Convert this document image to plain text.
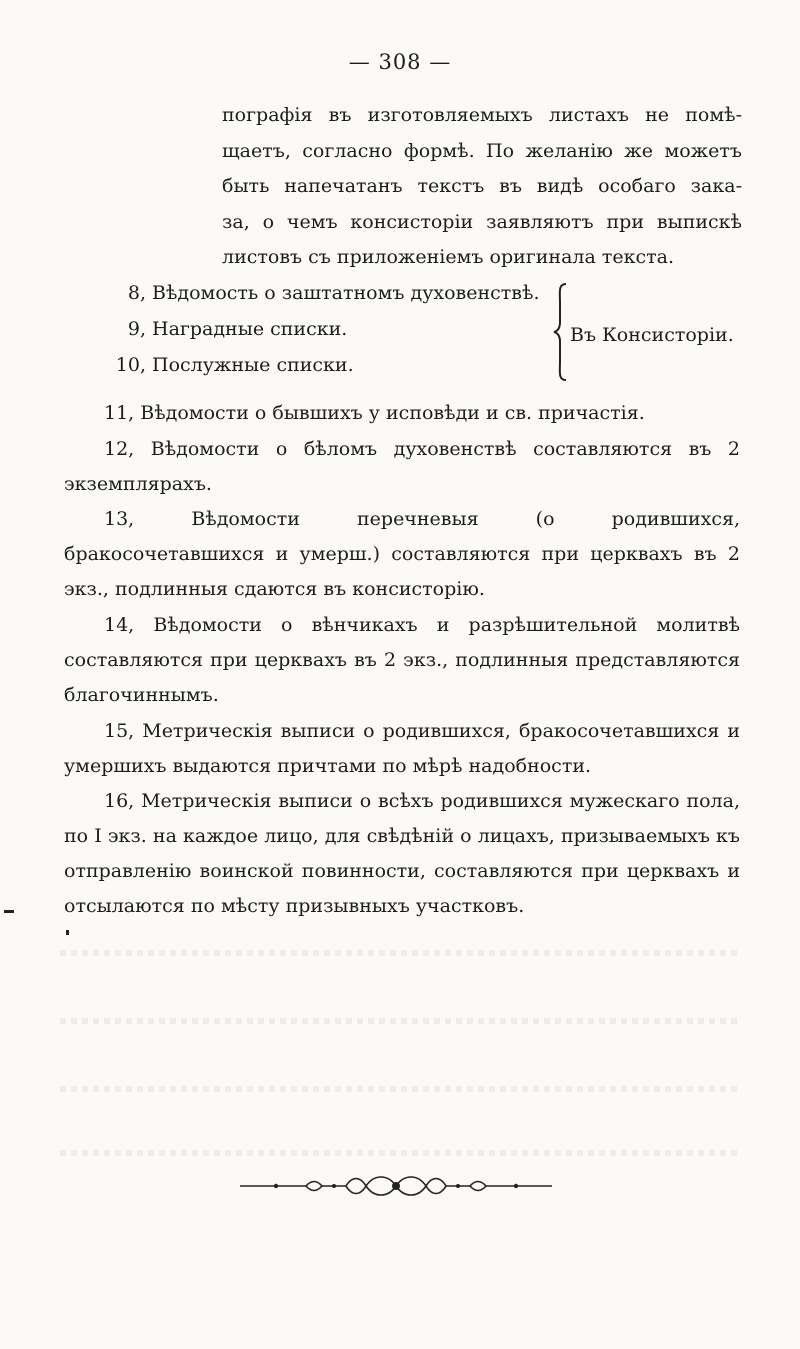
— 308 —

пографія въ изготовляемыхъ листахъ не помѣ-

щаетъ, согласно формѣ. По желанію же можетъ

быть напечатанъ текстъ въ видѣ особаго зака-

за, о чемъ консисторіи заявляютъ при выпискѣ

листовъ съ приложеніемъ оригинала текста.

8, Вѣдомость о заштатномъ духовенствѣ.
9, Наградные списки.
10, Послужные списки.
Въ Консисторіи.
11, Вѣдомости о бывшихъ у исповѣди и св. причастія.
12, Вѣдомости о бѣломъ духовенствѣ составляются въ 2 экземплярахъ.
13,	Вѣдомости перечневыя (о родившихся, бракосочетавшихся и умерш.) составляются при церквахъ въ 2 экз., подлинныя сдаются въ консисторію.
14, Вѣдомости о вѣнчикахъ и разрѣшительной молитвѣ составляются при церквахъ въ 2 экз., подлинныя представляются благочиннымъ.
15, Метрическія выписи о родившихся, бракосочетавшихся и умершихъ выдаются причтами по мѣрѣ надобности.
16, Метрическія выписи о всѣхъ родившихся мужескаго пола, по I экз. на каждое лицо, для свѣдѣній о лицахъ, призываемыхъ къ отправленію воинской повинности, составляются при церквахъ и отсылаются по мѣсту призывныхъ участковъ.
